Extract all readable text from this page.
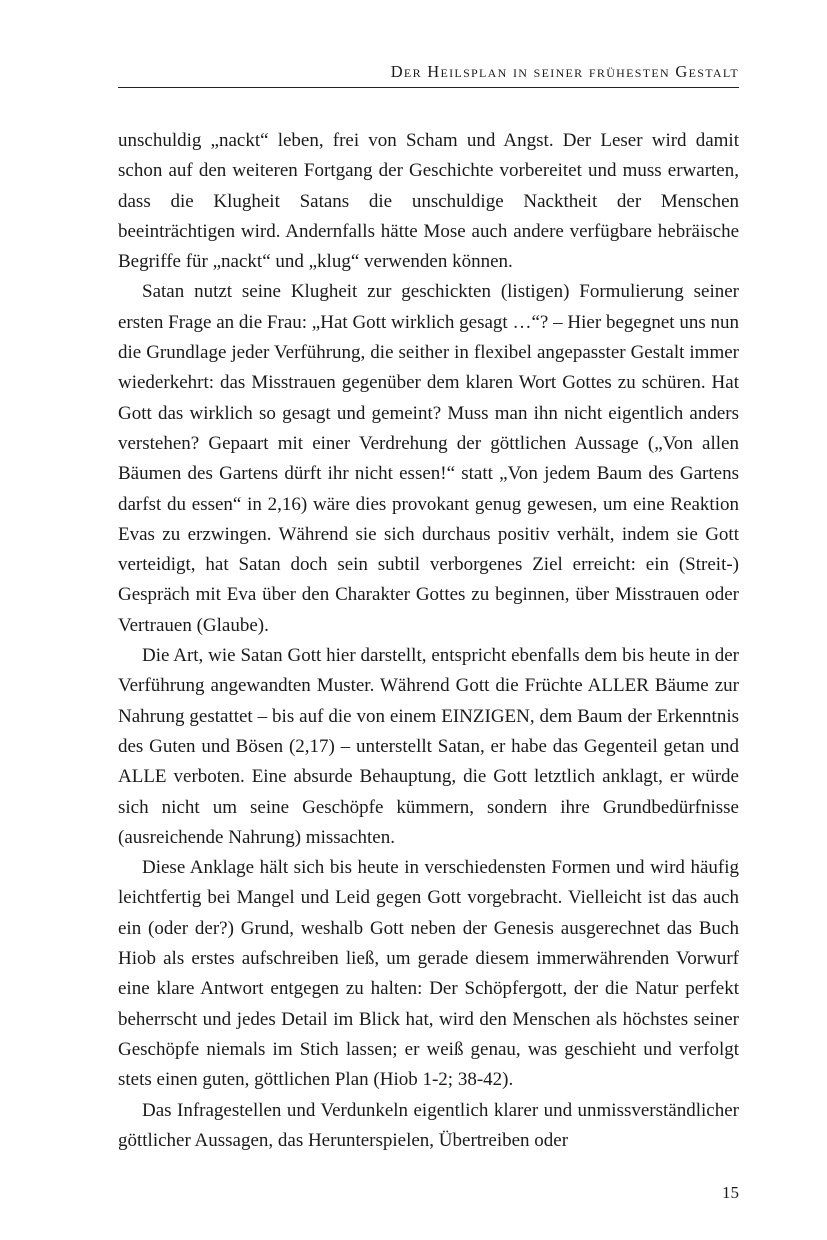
Der Heilsplan in seiner frühesten Gestalt

unschuldig „nackt“ leben, frei von Scham und Angst. Der Leser wird damit schon auf den weiteren Fortgang der Geschichte vorbereitet und muss erwarten, dass die Klugheit Satans die unschuldige Nacktheit der Menschen beeinträchtigen wird. Andernfalls hätte Mose auch andere verfügbare hebräische Begriffe für „nackt“ und „klug“ verwenden können.

Satan nutzt seine Klugheit zur geschickten (listigen) Formulierung seiner ersten Frage an die Frau: „Hat Gott wirklich gesagt …“? – Hier begegnet uns nun die Grundlage jeder Verführung, die seither in flexibel angepasster Gestalt immer wiederkehrt: das Misstrauen gegenüber dem klaren Wort Gottes zu schüren. Hat Gott das wirklich so gesagt und gemeint? Muss man ihn nicht eigentlich anders verstehen? Gepaart mit einer Verdrehung der göttlichen Aussage („Von allen Bäumen des Gartens dürft ihr nicht essen!“ statt „Von jedem Baum des Gartens darfst du essen“ in 2,16) wäre dies provokant genug gewesen, um eine Reaktion Evas zu erzwingen. Während sie sich durchaus positiv verhält, indem sie Gott verteidigt, hat Satan doch sein subtil verborgenes Ziel erreicht: ein (Streit-) Gespräch mit Eva über den Charakter Gottes zu beginnen, über Misstrauen oder Vertrauen (Glaube).

Die Art, wie Satan Gott hier darstellt, entspricht ebenfalls dem bis heute in der Verführung angewandten Muster. Während Gott die Früchte ALLER Bäume zur Nahrung gestattet – bis auf die von einem EINZIGEN, dem Baum der Erkenntnis des Guten und Bösen (2,17) – unterstellt Satan, er habe das Gegenteil getan und ALLE verboten. Eine absurde Behauptung, die Gott letztlich anklagt, er würde sich nicht um seine Geschöpfe kümmern, sondern ihre Grundbedürfnisse (ausreichende Nahrung) missachten.

Diese Anklage hält sich bis heute in verschiedensten Formen und wird häufig leichtfertig bei Mangel und Leid gegen Gott vorgebracht. Vielleicht ist das auch ein (oder der?) Grund, weshalb Gott neben der Genesis ausgerechnet das Buch Hiob als erstes aufschreiben ließ, um gerade diesem immerwährenden Vorwurf eine klare Antwort entgegen zu halten: Der Schöpfergott, der die Natur perfekt beherrscht und jedes Detail im Blick hat, wird den Menschen als höchstes seiner Geschöpfe niemals im Stich lassen; er weiß genau, was geschieht und verfolgt stets einen guten, göttlichen Plan (Hiob 1-2; 38-42).

Das Infragestellen und Verdunkeln eigentlich klarer und unmissverständlicher göttlicher Aussagen, das Herunterspielen, Übertreiben oder

15
